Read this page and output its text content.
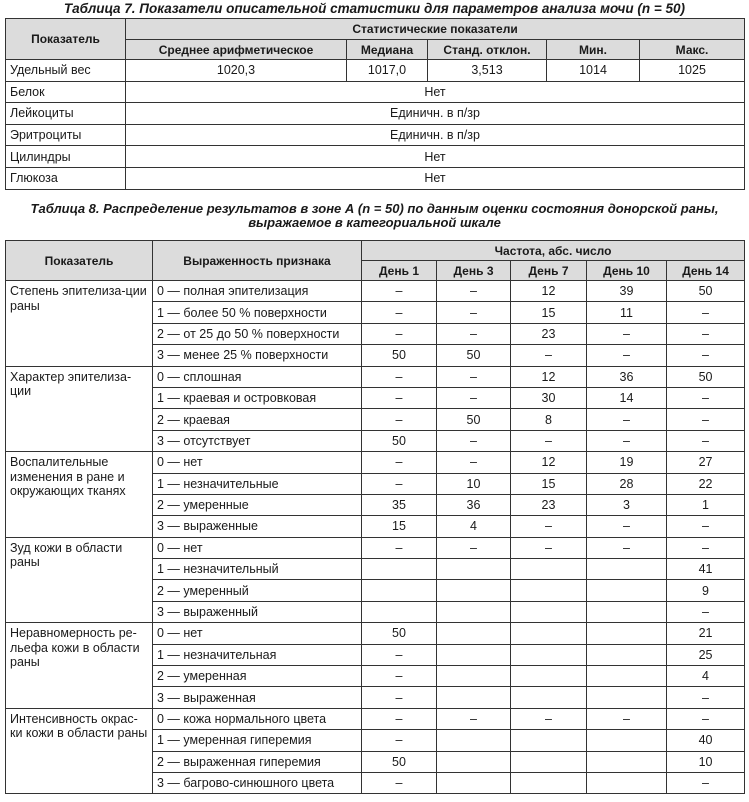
Таблица 7. Показатели описательной статистики для параметров анализа мочи (n = 50)
Показатель	Статистические показатели				
	Среднее арифметическое	Медиана	Станд. отклон.	Мин.	Макс.
Удельный вес	1020,3	1017,0	3,513	1014	1025
Белок	Нет				
Лейкоциты	Единичн. в п/зр				
Эритроциты	Единичн. в п/зр				
Цилиндры	Нет				
Глюкоза	Нет				
Таблица 8. Распределение результатов в зоне А (n = 50) по данным оценки состояния донорской раны,
выражаемое в категориальной шкале
Показатель	Выраженность признака	Частота, абс. число				
		День 1	День 3	День 7	День 10	День 14
Степень эпителиза-ции раны	0 — полная эпителизация	–	–	12	39	50
	1 — более 50 % поверхности	–	–	15	11	–
	2 — от 25 до 50 % поверхности	–	–	23	–	–
	3 — менее 25 % поверхности	50	50	–	–	–
Характер эпителиза-ции	0 — сплошная	–	–	12	36	50
	1 — краевая и островковая	–	–	30	14	–
	2 — краевая	–	50	8	–	–
	3 — отсутствует	50	–	–	–	–
Воспалительные изменения в ране и окружающих тканях	0 — нет	–	–	12	19	27
	1 — незначительные	–	10	15	28	22
	2 — умеренные	35	36	23	3	1
	3 — выраженные	15	4	–	–	–
Зуд кожи в области раны	0 — нет	–	–	–	–	–
	1 — незначительный					41
	2 — умеренный					9
	3 — выраженный					–
Неравномерность ре-льефа кожи в области раны	0 — нет	50				21
	1 — незначительная	–				25
	2 — умеренная	–				4
	3 — выраженная	–				–
Интенсивность окрас-ки кожи в области раны	0 — кожа нормального цвета	–	–	–	–	–
	1 — умеренная гиперемия	–				40
	2 — выраженная гиперемия	50				10
	3 — багрово-синюшного цвета	–				–
